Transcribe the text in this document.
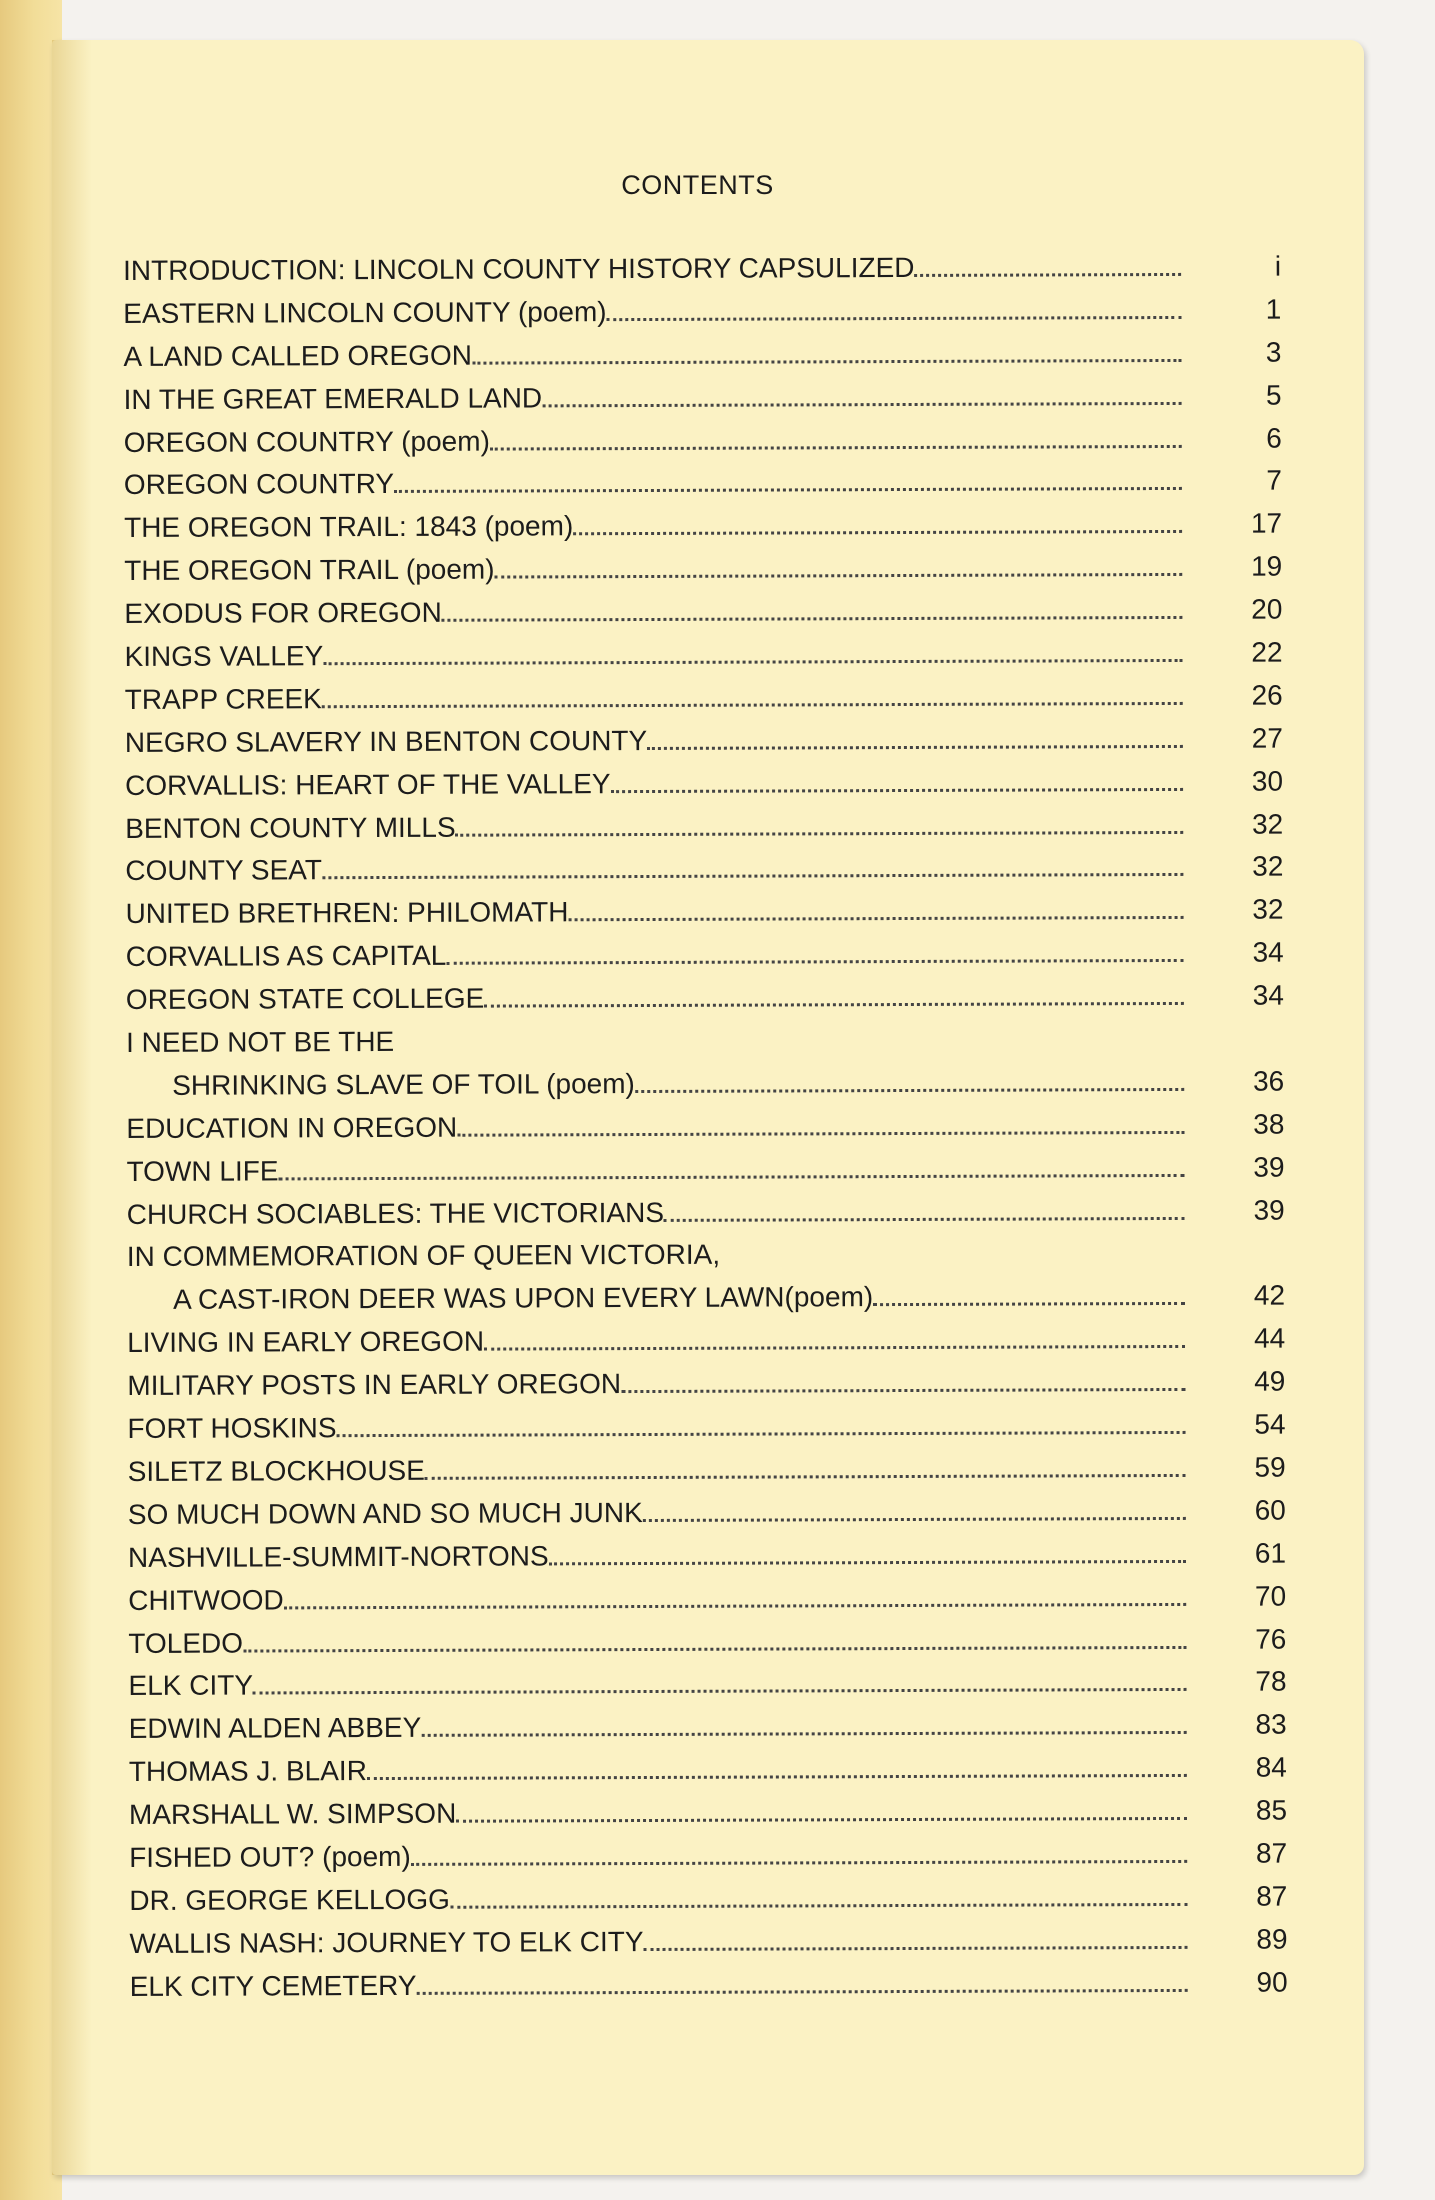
CONTENTS
INTRODUCTION: LINCOLN COUNTY HISTORY CAPSULIZED	i
EASTERN LINCOLN COUNTY (poem)	1
A LAND CALLED OREGON	3
IN THE GREAT EMERALD LAND	5
OREGON COUNTRY (poem)	6
OREGON COUNTRY	7
THE OREGON TRAIL: 1843 (poem)	17
THE OREGON TRAIL (poem)	19
EXODUS FOR OREGON	20
KINGS VALLEY	22
TRAPP CREEK	26
NEGRO SLAVERY IN BENTON COUNTY	27
CORVALLIS: HEART OF THE VALLEY	30
BENTON COUNTY MILLS	32
COUNTY SEAT	32
UNITED BRETHREN: PHILOMATH	32
CORVALLIS AS CAPITAL	34
OREGON STATE COLLEGE	34
I NEED NOT BE THE
SHRINKING SLAVE OF TOIL (poem)	36
EDUCATION IN OREGON	38
TOWN LIFE	39
CHURCH SOCIABLES: THE VICTORIANS	39
IN COMMEMORATION OF QUEEN VICTORIA,
A CAST-IRON DEER WAS UPON EVERY LAWN(poem)	42
LIVING IN EARLY OREGON	44
MILITARY POSTS IN EARLY OREGON	49
FORT HOSKINS	54
SILETZ BLOCKHOUSE	59
SO MUCH DOWN AND SO MUCH JUNK	60
NASHVILLE-SUMMIT-NORTONS	61
CHITWOOD	70
TOLEDO	76
ELK CITY	78
EDWIN ALDEN ABBEY	83
THOMAS J. BLAIR	84
MARSHALL W. SIMPSON	85
FISHED OUT? (poem)	87
DR. GEORGE KELLOGG	87
WALLIS NASH: JOURNEY TO ELK CITY	89
ELK CITY CEMETERY	90
